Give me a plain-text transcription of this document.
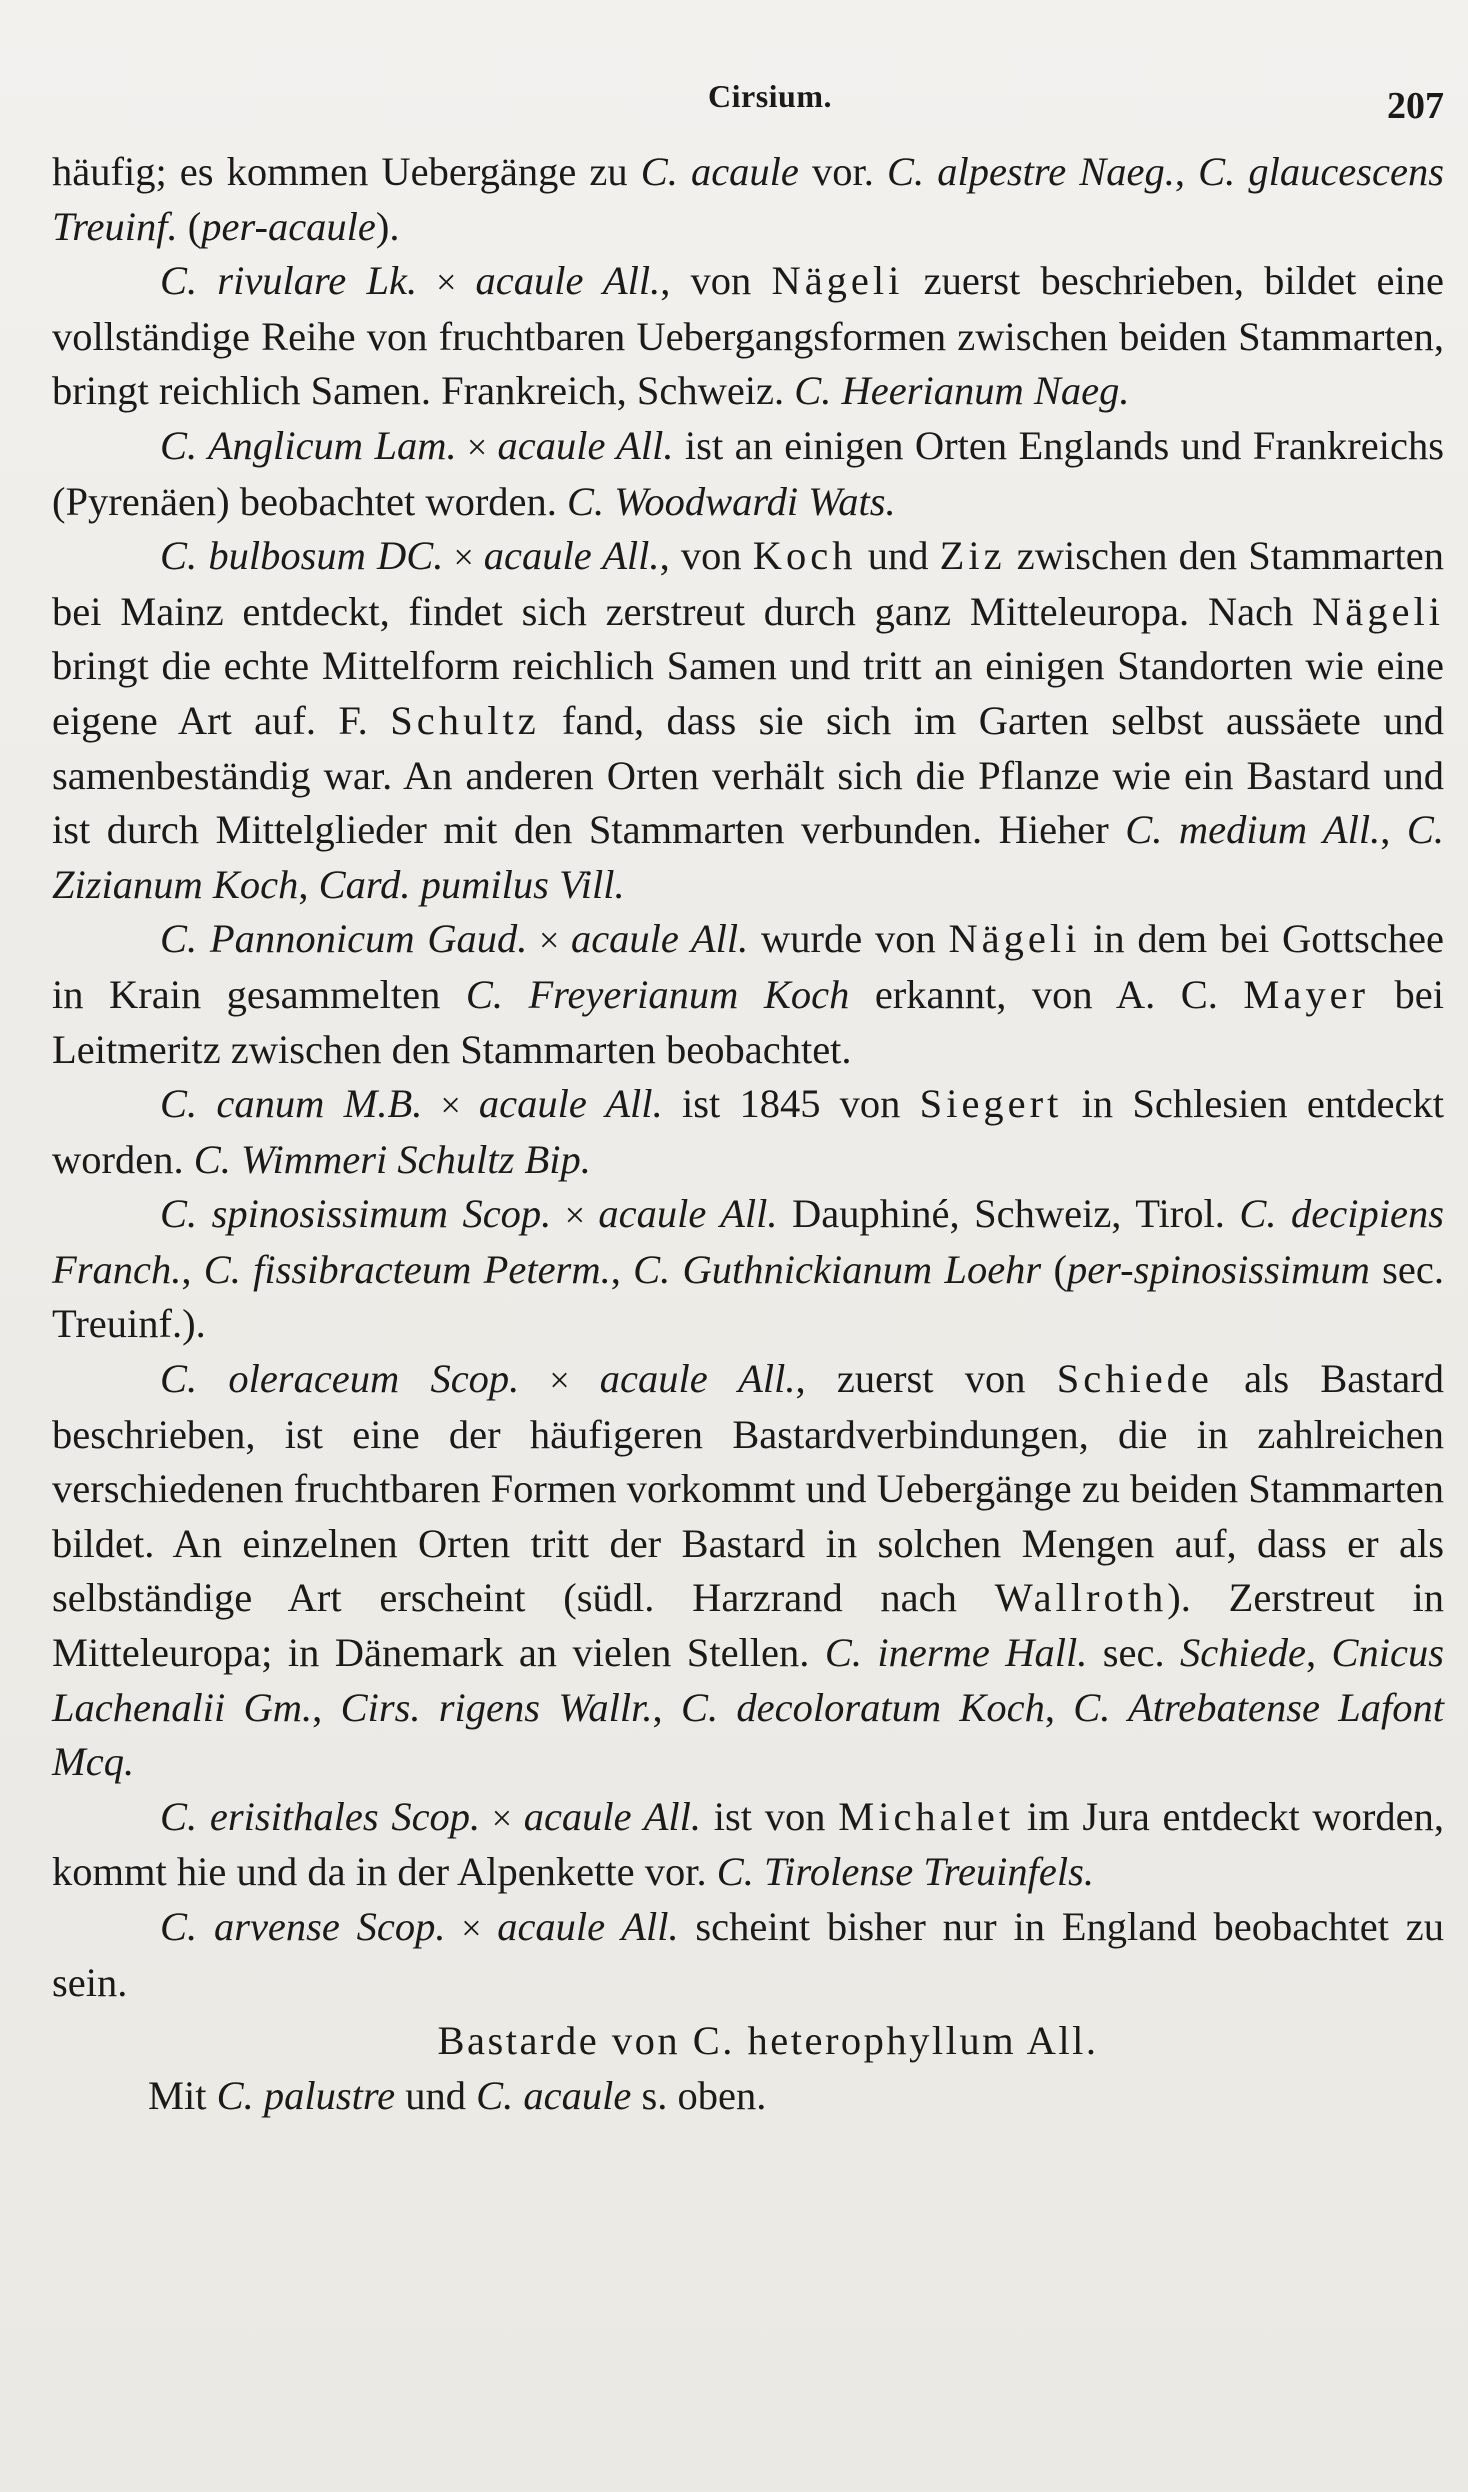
Cirsium.	207

häufig; es kommen Uebergänge zu C. acaule vor. C. alpestre Naeg., C. glaucescens Treuinf. (per-acaule).

C. rivulare Lk. × acaule All., von Nägeli zuerst beschrieben, bildet eine vollständige Reihe von fruchtbaren Uebergangsformen zwischen beiden Stammarten, bringt reichlich Samen. Frankreich, Schweiz. C. Heerianum Naeg.

C. Anglicum Lam. × acaule All. ist an einigen Orten Englands und Frankreichs (Pyrenäen) beobachtet worden. C. Woodwardi Wats.

C. bulbosum DC. × acaule All., von Koch und Ziz zwischen den Stammarten bei Mainz entdeckt, findet sich zerstreut durch ganz Mitteleuropa. Nach Nägeli bringt die echte Mittelform reichlich Samen und tritt an einigen Standorten wie eine eigene Art auf. F. Schultz fand, dass sie sich im Garten selbst aussäete und samenbeständig war. An anderen Orten verhält sich die Pflanze wie ein Bastard und ist durch Mittelglieder mit den Stammarten verbunden. Hieher C. medium All., C. Zizianum Koch, Card. pumilus Vill.

C. Pannonicum Gaud. × acaule All. wurde von Nägeli in dem bei Gottschee in Krain gesammelten C. Freyerianum Koch erkannt, von A. C. Mayer bei Leitmeritz zwischen den Stammarten beobachtet.

C. canum M.B. × acaule All. ist 1845 von Siegert in Schlesien entdeckt worden. C. Wimmeri Schultz Bip.

C. spinosissimum Scop. × acaule All. Dauphiné, Schweiz, Tirol. C. decipiens Franch., C. fissibracteum Peterm., C. Guthnickianum Loehr (per-spinosissimum sec. Treuinf.).

C. oleraceum Scop. × acaule All., zuerst von Schiede als Bastard beschrieben, ist eine der häufigeren Bastardverbindungen, die in zahlreichen verschiedenen fruchtbaren Formen vorkommt und Uebergänge zu beiden Stammarten bildet. An einzelnen Orten tritt der Bastard in solchen Mengen auf, dass er als selbständige Art erscheint (südl. Harzrand nach Wallroth). Zerstreut in Mitteleuropa; in Dänemark an vielen Stellen. C. inerme Hall. sec. Schiede, Cnicus Lachenalii Gm., Cirs. rigens Wallr., C. decoloratum Koch, C. Atrebatense Lafont Mcq.

C. erisithales Scop. × acaule All. ist von Michalet im Jura entdeckt worden, kommt hie und da in der Alpenkette vor. C. Tirolense Treuinfels.

C. arvense Scop. × acaule All. scheint bisher nur in England beobachtet zu sein.

Bastarde von C. heterophyllum All.
Mit C. palustre und C. acaule s. oben.
